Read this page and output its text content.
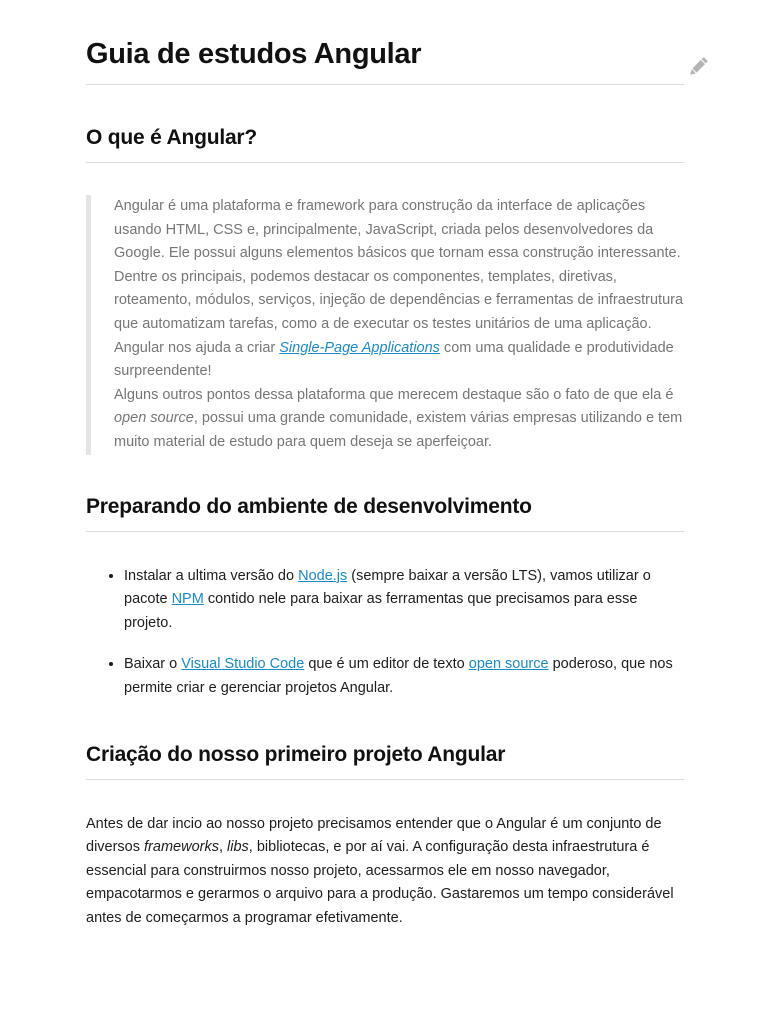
Guia de estudos Angular
O que é Angular?

Angular é uma plataforma e framework para construção da interface de aplicações usando HTML, CSS e, principalmente, JavaScript, criada pelos desenvolvedores da Google. Ele possui alguns elementos básicos que tornam essa construção interessante.

Dentre os principais, podemos destacar os componentes, templates, diretivas, roteamento, módulos, serviços, injeção de dependências e ferramentas de infraestrutura que automatizam tarefas, como a de executar os testes unitários de uma aplicação.

Angular nos ajuda a criar Single-Page Applications com uma qualidade e produtividade surpreendente!

Alguns outros pontos dessa plataforma que merecem destaque são o fato de que ela é open source, possui uma grande comunidade, existem várias empresas utilizando e tem muito material de estudo para quem deseja se aperfeiçoar.

Preparando do ambiente de desenvolvimento
• Instalar a ultima versão do Node.js (sempre baixar a versão LTS), vamos utilizar o pacote NPM contido nele para baixar as ferramentas que precisamos para esse projeto.
• Baixar o Visual Studio Code que é um editor de texto open source poderoso, que nos permite criar e gerenciar projetos Angular.
Criação do nosso primeiro projeto Angular

Antes de dar incio ao nosso projeto precisamos entender que o Angular é um conjunto de diversos frameworks, libs, bibliotecas, e por aí vai. A configuração desta infraestrutura é essencial para construirmos nosso projeto, acessarmos ele em nosso navegador, empacotarmos e gerarmos o arquivo para a produção. Gastaremos um tempo considerável antes de começarmos a programar efetivamente.
